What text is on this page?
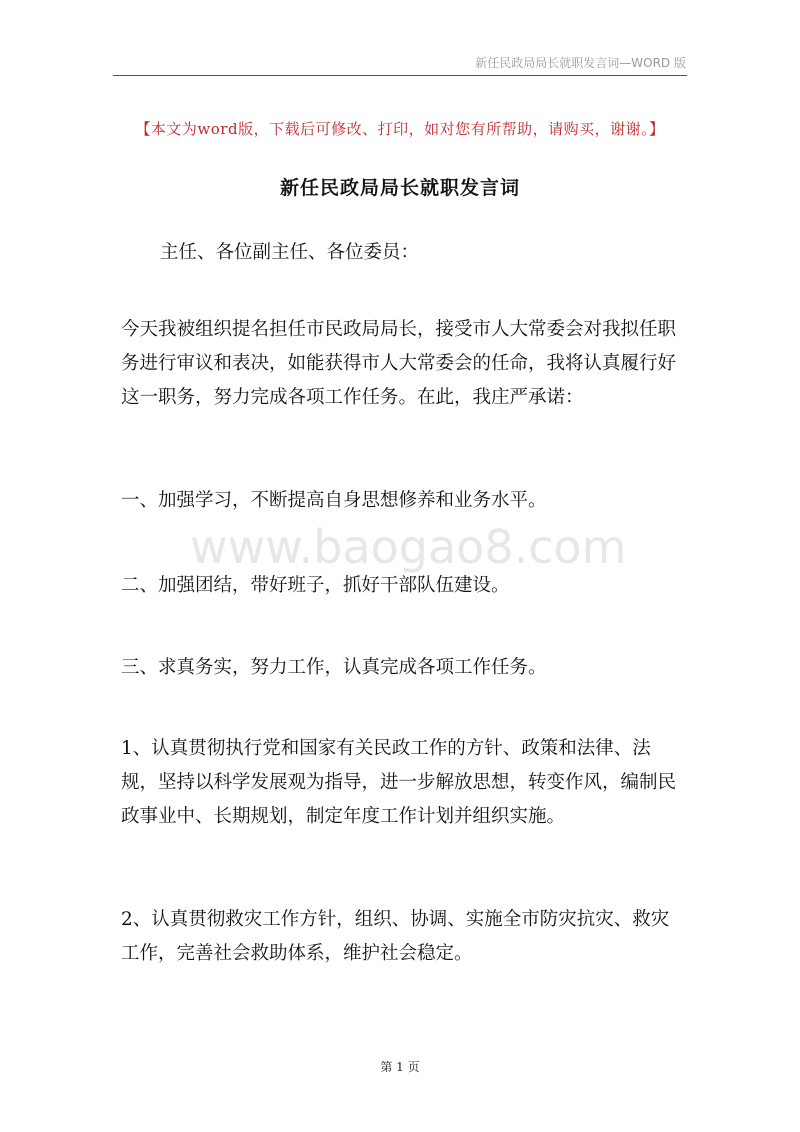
新任民政局局长就职发言词—WORD 版
【本文为word版，下载后可修改、打印，如对您有所帮助，请购买，谢谢。】
新任民政局局长就职发言词

主任、各位副主任、各位委员：

今天我被组织提名担任市民政局局长，接受市人大常委会对我拟任职务进行审议和表决，如能获得市人大常委会的任命，我将认真履行好这一职务，努力完成各项工作任务。在此，我庄严承诺：

一、加强学习，不断提高自身思想修养和业务水平。

二、加强团结，带好班子，抓好干部队伍建设。

三、求真务实，努力工作，认真完成各项工作任务。

1、认真贯彻执行党和国家有关民政工作的方针、政策和法律、法规，坚持以科学发展观为指导，进一步解放思想，转变作风，编制民政事业中、长期规划，制定年度工作计划并组织实施。

2、认真贯彻救灾工作方针，组织、协调、实施全市防灾抗灾、救灾工作，完善社会救助体系，维护社会稳定。

www.baogao8.com
第 1 页
